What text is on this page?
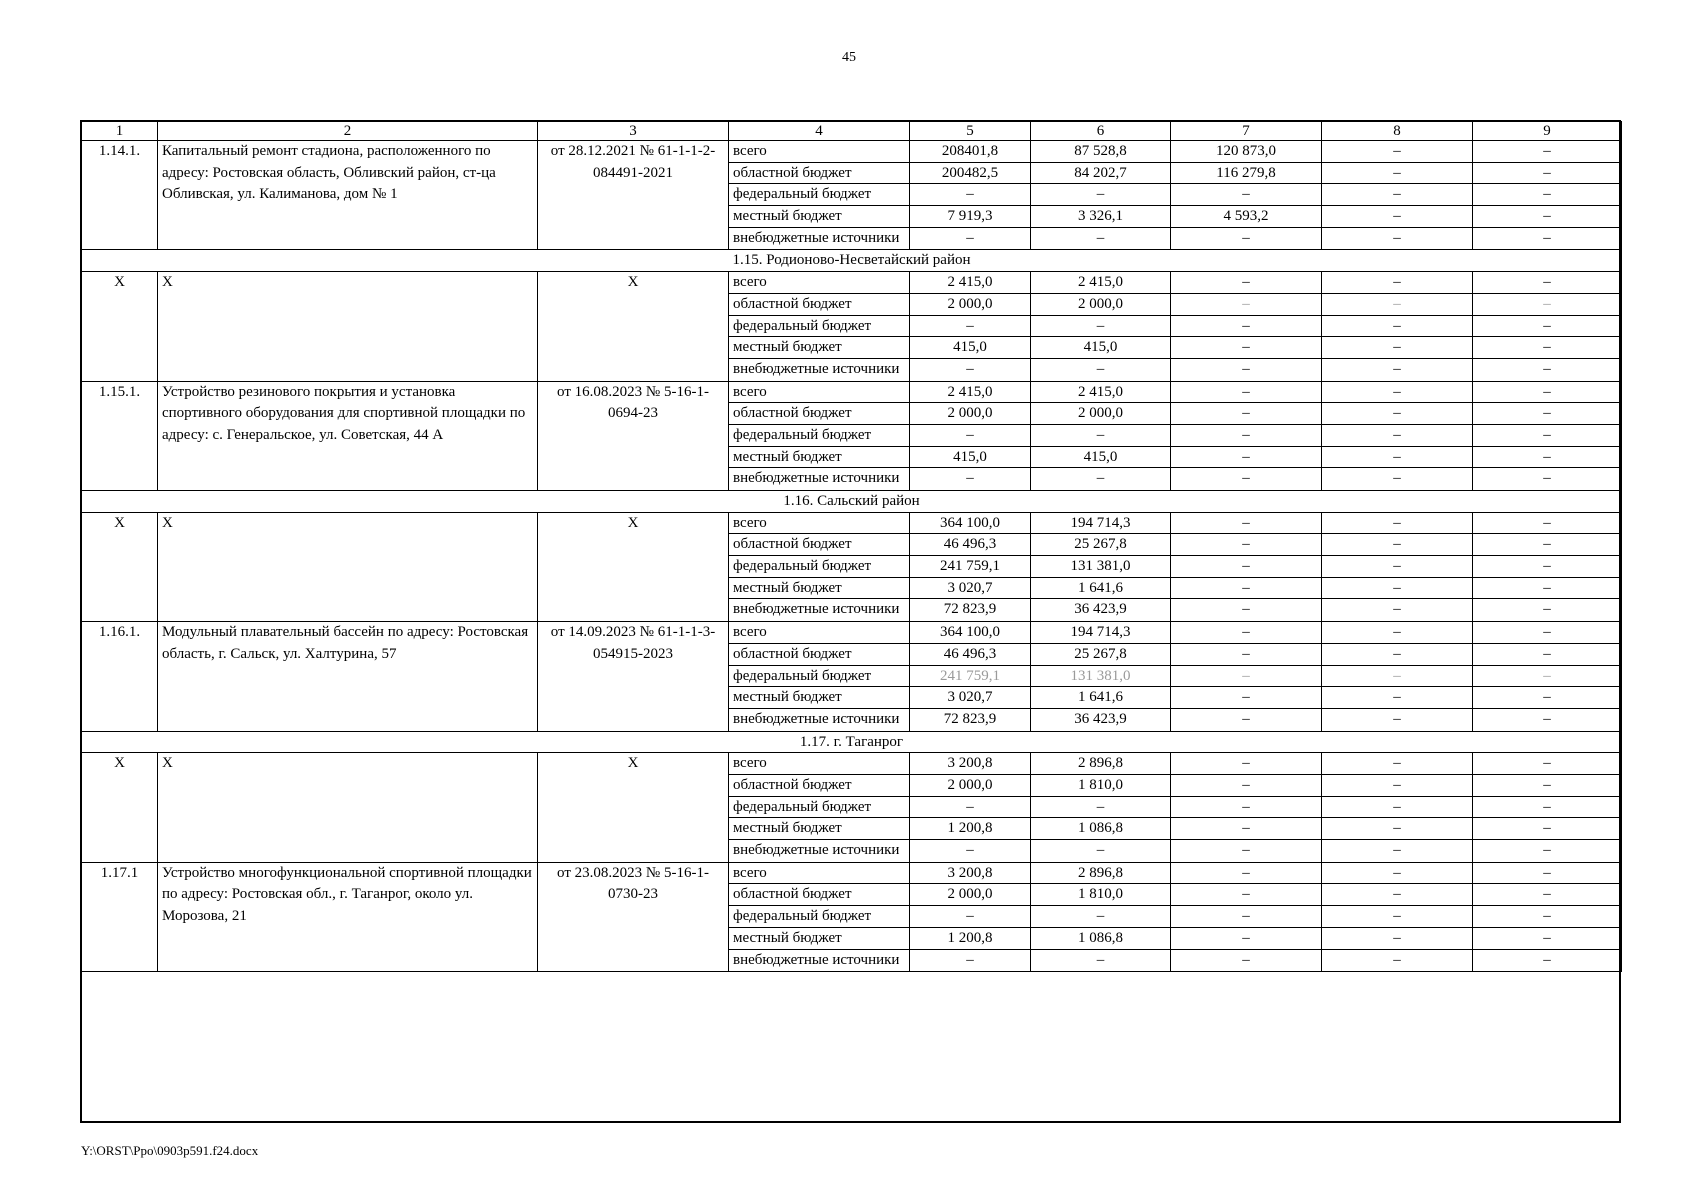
45
1	2	3	4	5	6	7	8	9
1.14.1.	Капитальный ремонт стадиона, расположенного по адресу: Ростовская область, Обливский район, ст-ца Обливская, ул. Калиманова, дом № 1	от 28.12.2021 № 61-1-1-2-084491-2021	всего	208401,8	87 528,8	120 873,0	–	–
			областной бюджет	200482,5	84 202,7	116 279,8	–	–
			федеральный бюджет	–	–	–	–	–
			местный бюджет	7 919,3	3 326,1	4 593,2	–	–
			внебюджетные источники	–	–	–	–	–
1.15. Родионово-Несветайский район								
Х	Х	Х	всего	2 415,0	2 415,0	–	–	–
			областной бюджет	2 000,0	2 000,0	–	–	–
			федеральный бюджет	–	–	–	–	–
			местный бюджет	415,0	415,0	–	–	–
			внебюджетные источники	–	–	–	–	–
1.15.1.	Устройство резинового покрытия и установка спортивного оборудования для спортивной площадки по адресу: с. Генеральское, ул. Советская, 44 А	от 16.08.2023 № 5-16-1-0694-23	всего	2 415,0	2 415,0	–	–	–
			областной бюджет	2 000,0	2 000,0	–	–	–
			федеральный бюджет	–	–	–	–	–
			местный бюджет	415,0	415,0	–	–	–
			внебюджетные источники	–	–	–	–	–
1.16. Сальский район								
Х	Х	Х	всего	364 100,0	194 714,3	–	–	–
			областной бюджет	46 496,3	25 267,8	–	–	–
			федеральный бюджет	241 759,1	131 381,0	–	–	–
			местный бюджет	3 020,7	1 641,6	–	–	–
			внебюджетные источники	72 823,9	36 423,9	–	–	–
1.16.1.	Модульный плавательный бассейн по адресу: Ростовская область, г. Сальск, ул. Халтурина, 57	от 14.09.2023 № 61-1-1-3-054915-2023	всего	364 100,0	194 714,3	–	–	–
			областной бюджет	46 496,3	25 267,8	–	–	–
			федеральный бюджет	241 759,1	131 381,0	–	–	–
			местный бюджет	3 020,7	1 641,6	–	–	–
			внебюджетные источники	72 823,9	36 423,9	–	–	–
1.17. г. Таганрог								
Х	Х	Х	всего	3 200,8	2 896,8	–	–	–
			областной бюджет	2 000,0	1 810,0	–	–	–
			федеральный бюджет	–	–	–	–	–
			местный бюджет	1 200,8	1 086,8	–	–	–
			внебюджетные источники	–	–	–	–	–
1.17.1	Устройство многофункциональной спортивной площадки по адресу: Ростовская обл., г. Таганрог, около ул. Морозова, 21	от 23.08.2023 № 5-16-1-0730-23	всего	3 200,8	2 896,8	–	–	–
			областной бюджет	2 000,0	1 810,0	–	–	–
			федеральный бюджет	–	–	–	–	–
			местный бюджет	1 200,8	1 086,8	–	–	–
			внебюджетные источники	–	–	–	–	–
Y:\ORST\Ppo\0903p591.f24.docx
